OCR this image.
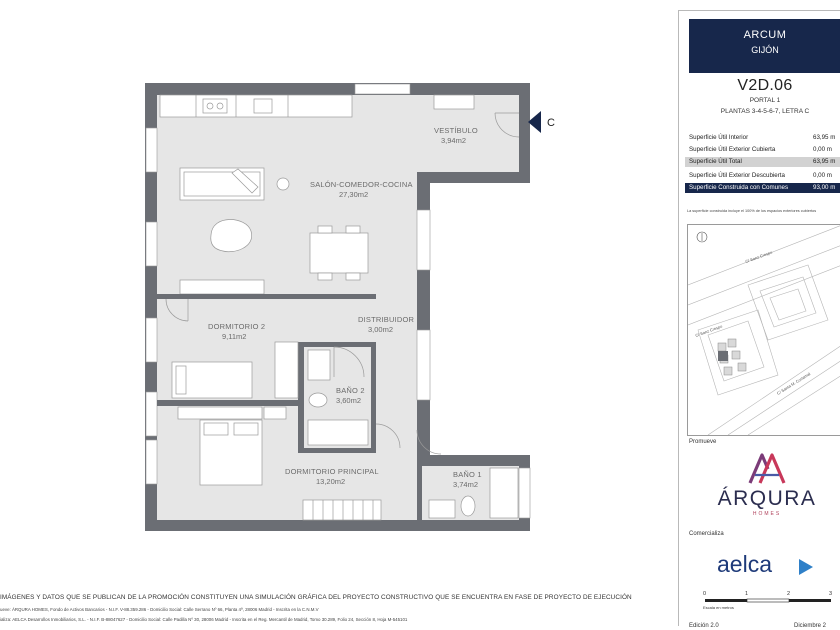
C
VESTÍBULO
3,94m2
SALÓN-COMEDOR-COCINA
27,30m2
DISTRIBUIDOR
3,00m2
DORMITORIO 2
9,11m2
BAÑO 2
3,60m2
DORMITORIO PRINCIPAL
13,20m2
BAÑO 1
3,74m2
IMÁGENES Y DATOS QUE SE PUBLICAN DE LA PROMOCIÓN CONSTITUYEN UNA SIMULACIÓN GRÁFICA DEL PROYECTO CONSTRUCTIVO QUE SE ENCUENTRA EN FASE DE PROYECTO DE EJECUCIÓN
ueve: ÁRQURA HOMES, Fondo de Activos Bancarios - N.I.F. V-88.359.286 - Domicilio Social: Calle Serrano Nº 66, Planta 4ª, 28006 Madrid - Inscrita en la C.N.M.V
ializa: AELCA Desarrollos Inmobiliarios, S.L. - N.I.F. B-88047627 - Domicilio Social: Calle Padilla Nº 30, 28006 Madrid - Inscrita en el Reg. Mercantil de Madrid, Tomo 30.289, Folio 24, Sección 8, Hoja M-545101
ARCUM
GIJÓN
V2D.06
PORTAL 1
PLANTAS 3-4-5-6-7, LETRA C
Superficie Útil Interior	63,95 m
Superficie Útil Exterior Cubierta	0,00 m
Superficie Útil Total	63,95 m
Superficie Útil Exterior Descubierta	0,00 m
Superficie Construida con Comunes	93,00 m
La superficie construida incluye el 100% de los espacios exteriores cubiertos
C/ Sanz Crespo
C/ Sanz Crespo
C/ Santa M. Cortamal
Promueve
ÁRQURA
HOMES
Comercializa
aelca
0	1	2	3
Escala en metros
Edición 2.0	Diciembre 2
